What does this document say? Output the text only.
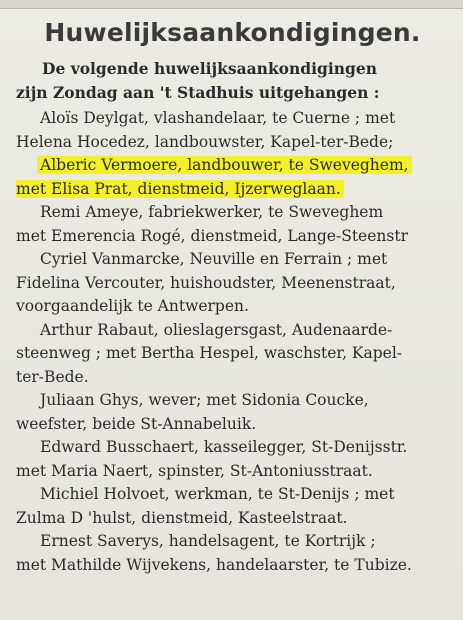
Huwelijksaankondigingen.
De volgende huwelijksaankondigingen
zijn Zondag aan 't Stadhuis uitgehangen :
Aloïs Deylgat, vlashandelaar, te Cuerne ; met
Helena Hocedez, landbouwster, Kapel-ter-Bede;
Alberic Vermoere, landbouwer, te Sweveghem,
met Elisa Prat, dienstmeid, Ijzerweglaan.
Remi Ameye, fabriekwerker, te Sweveghem
met Emerencia Rogé, dienstmeid, Lange-Steenstr
Cyriel Vanmarcke, Neuville en Ferrain ; met
Fidelina Vercouter, huishoudster, Meenenstraat,
voorgaandelijk te Antwerpen.
Arthur Rabaut, olieslagersgast, Audenaarde-
steenweg ; met Bertha Hespel, waschster, Kapel-
ter-Bede.
Juliaan Ghys, wever; met Sidonia Coucke,
weefster, beide St-Annabeluik.
Edward Busschaert, kasseilegger, St-Denijsstr.
met Maria Naert, spinster, St-Antoniusstraat.
Michiel Holvoet, werkman, te St-Denijs ; met
Zulma D 'hulst, dienstmeid, Kasteelstraat.
Ernest Saverys, handelsagent, te Kortrijk ;
met Mathilde Wijvekens, handelaarster, te Tubize.
